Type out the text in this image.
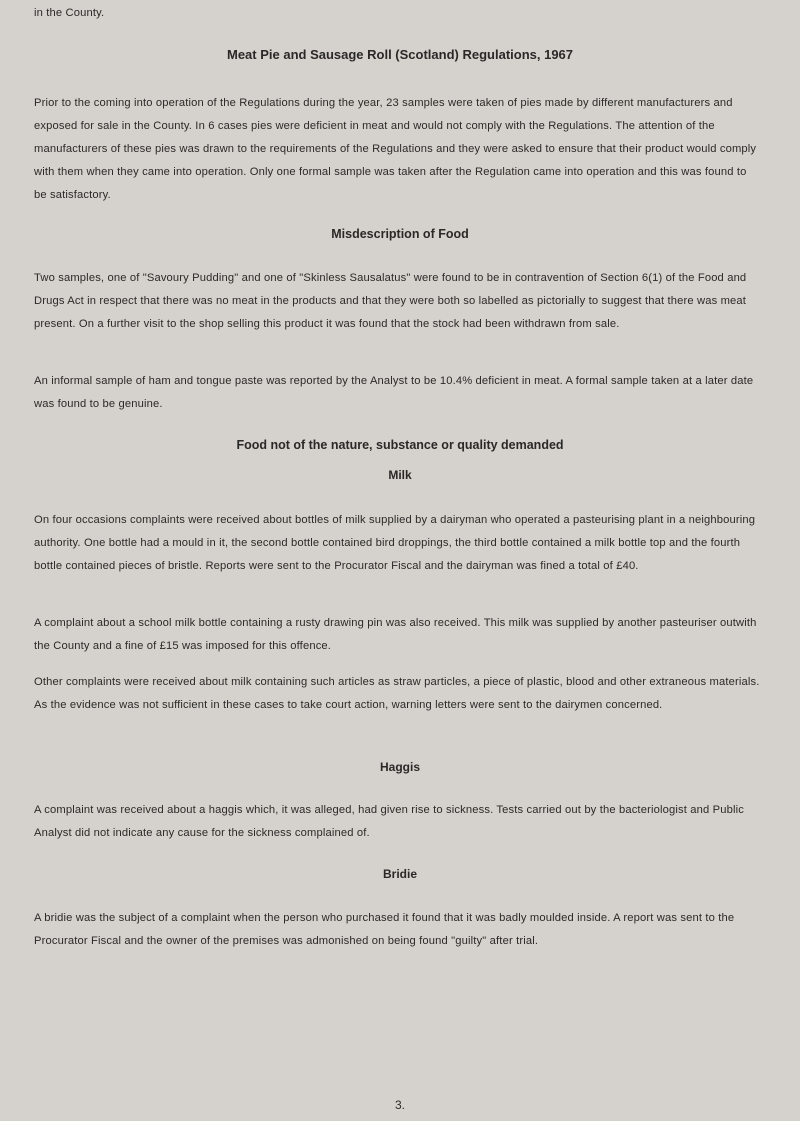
in the County.

Meat Pie and Sausage Roll (Scotland) Regulations, 1967

Prior to the coming into operation of the Regulations during the year, 23 samples were taken of pies made by different manufacturers and exposed for sale in the County. In 6 cases pies were deficient in meat and would not comply with the Regulations. The attention of the manufacturers of these pies was drawn to the requirements of the Regulations and they were asked to ensure that their product would comply with them when they came into operation. Only one formal sample was taken after the Regulation came into operation and this was found to be satisfactory.

Misdescription of Food

Two samples, one of "Savoury Pudding" and one of "Skinless Sausalatus" were found to be in contravention of Section 6(1) of the Food and Drugs Act in respect that there was no meat in the products and that they were both so labelled as pictorially to suggest that there was meat present. On a further visit to the shop selling this product it was found that the stock had been withdrawn from sale.

An informal sample of ham and tongue paste was reported by the Analyst to be 10.4% deficient in meat. A formal sample taken at a later date was found to be genuine.

Food not of the nature, substance or quality demanded
Milk

On four occasions complaints were received about bottles of milk supplied by a dairyman who operated a pasteurising plant in a neighbouring authority. One bottle had a mould in it, the second bottle contained bird droppings, the third bottle contained a milk bottle top and the fourth bottle contained pieces of bristle. Reports were sent to the Procurator Fiscal and the dairyman was fined a total of £40.

A complaint about a school milk bottle containing a rusty drawing pin was also received. This milk was supplied by another pasteuriser outwith the County and a fine of £15 was imposed for this offence.

Other complaints were received about milk containing such articles as straw particles, a piece of plastic, blood and other extraneous materials. As the evidence was not sufficient in these cases to take court action, warning letters were sent to the dairymen concerned.

Haggis

A complaint was received about a haggis which, it was alleged, had given rise to sickness. Tests carried out by the bacteriologist and Public Analyst did not indicate any cause for the sickness complained of.

Bridie

A bridie was the subject of a complaint when the person who purchased it found that it was badly moulded inside. A report was sent to the Procurator Fiscal and the owner of the premises was admonished on being found "guilty" after trial.

3.
